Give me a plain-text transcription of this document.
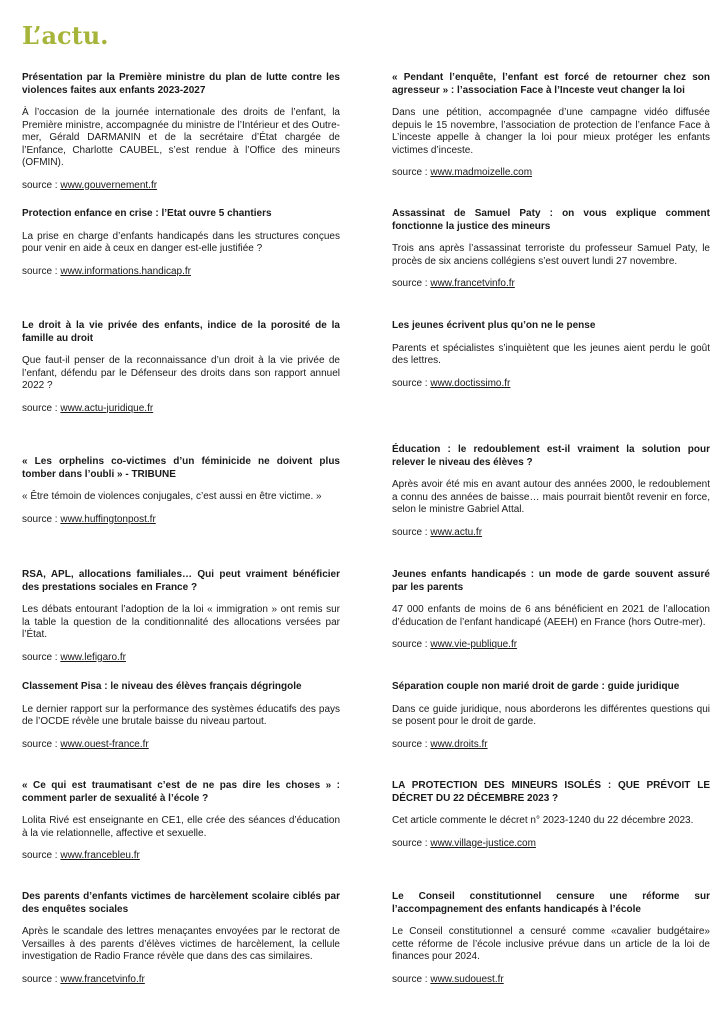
L’actu.

Présentation par la Première ministre du plan de lutte contre les violences faites aux enfants 2023-2027

À l’occasion de la journée internationale des droits de l’enfant, la Première ministre, accompagnée du ministre de l’Intérieur et des Outre-mer, Gérald DARMANIN et de la secrétaire d’État chargée de l’Enfance, Charlotte CAUBEL, s’est rendue à l’Office des mineurs (OFMIN).

source : www.gouvernement.fr

Protection enfance en crise : l’Etat ouvre 5 chantiers

La prise en charge d’enfants handicapés dans les structures conçues pour venir en aide à ceux en danger est-elle justifiée ?

source : www.informations.handicap.fr

Le droit à la vie privée des enfants, indice de la porosité de la famille au droit

Que faut-il penser de la reconnaissance d’un droit à la vie privée de l’enfant, défendu par le Défenseur des droits dans son rapport annuel 2022 ?

source : www.actu-juridique.fr

« Les orphelins co-victimes d’un féminicide ne doivent plus tomber dans l’oubli » - TRIBUNE

« Être témoin de violences conjugales, c’est aussi en être victime. »

source : www.huffingtonpost.fr

RSA, APL, allocations familiales… Qui peut vraiment bénéficier des prestations sociales en France ?

Les débats entourant l’adoption de la loi « immigration » ont remis sur la table la question de la conditionnalité des allocations versées par l’État.

source : www.lefigaro.fr

Classement Pisa : le niveau des élèves français dégringole

Le dernier rapport sur la performance des systèmes éducatifs des pays de l’OCDE révèle une brutale baisse du niveau partout.

source : www.ouest-france.fr

« Ce qui est traumatisant c’est de ne pas dire les choses » : comment parler de sexualité à l’école ?

Lolita Rivé est enseignante en CE1, elle crée des séances d’éducation à la vie relationnelle, affective et sexuelle.

source : www.francebleu.fr

Des parents d’enfants victimes de harcèlement scolaire ciblés par des enquêtes sociales

Après le scandale des lettres menaçantes envoyées par le rectorat de Versailles à des parents d’élèves victimes de harcèlement, la cellule investigation de Radio France révèle que dans des cas similaires.

source : www.francetvinfo.fr

« Pendant l’enquête, l’enfant est forcé de retourner chez son agresseur » : l’association Face à l’Inceste veut changer la loi

Dans une pétition, accompagnée d’une campagne vidéo diffusée depuis le 15 novembre, l’association de protection de l’enfance Face à L’inceste appelle à changer la loi pour mieux protéger les enfants victimes d’inceste.

source : www.madmoizelle.com

Assassinat de Samuel Paty : on vous explique comment fonctionne la justice des mineurs

Trois ans après l’assassinat terroriste du professeur Samuel Paty, le procès de six anciens collégiens s’est ouvert lundi 27 novembre.

source : www.francetvinfo.fr

Les jeunes écrivent plus qu’on ne le pense

Parents et spécialistes s’inquiètent que les jeunes aient perdu le goût des lettres.

source : www.doctissimo.fr

Éducation : le redoublement est-il vraiment la solution pour relever le niveau des élèves ?

Après avoir été mis en avant autour des années 2000, le redoublement a connu des années de baisse… mais pourrait bientôt revenir en force, selon le ministre Gabriel Attal.

source : www.actu.fr

Jeunes enfants handicapés : un mode de garde souvent assuré par les parents

47 000 enfants de moins de 6 ans bénéficient en 2021 de l’allocation d’éducation de l’enfant handicapé (AEEH) en France (hors Outre-mer).

source : www.vie-publique.fr

Séparation couple non marié droit de garde : guide juridique

Dans ce guide juridique, nous aborderons les différentes questions qui se posent pour le droit de garde.

source : www.droits.fr

LA PROTECTION DES MINEURS ISOLÉS : QUE PRÉVOIT LE DÉCRET DU 22 DÉCEMBRE 2023 ?

Cet article commente le décret n° 2023-1240 du 22 décembre 2023.

source : www.village-justice.com

Le Conseil constitutionnel censure une réforme sur l’accompagnement des enfants handicapés à l’école

Le Conseil constitutionnel a censuré comme «cavalier budgétaire» cette réforme de l’école inclusive prévue dans un article de la loi de finances pour 2024.

source : www.sudouest.fr
